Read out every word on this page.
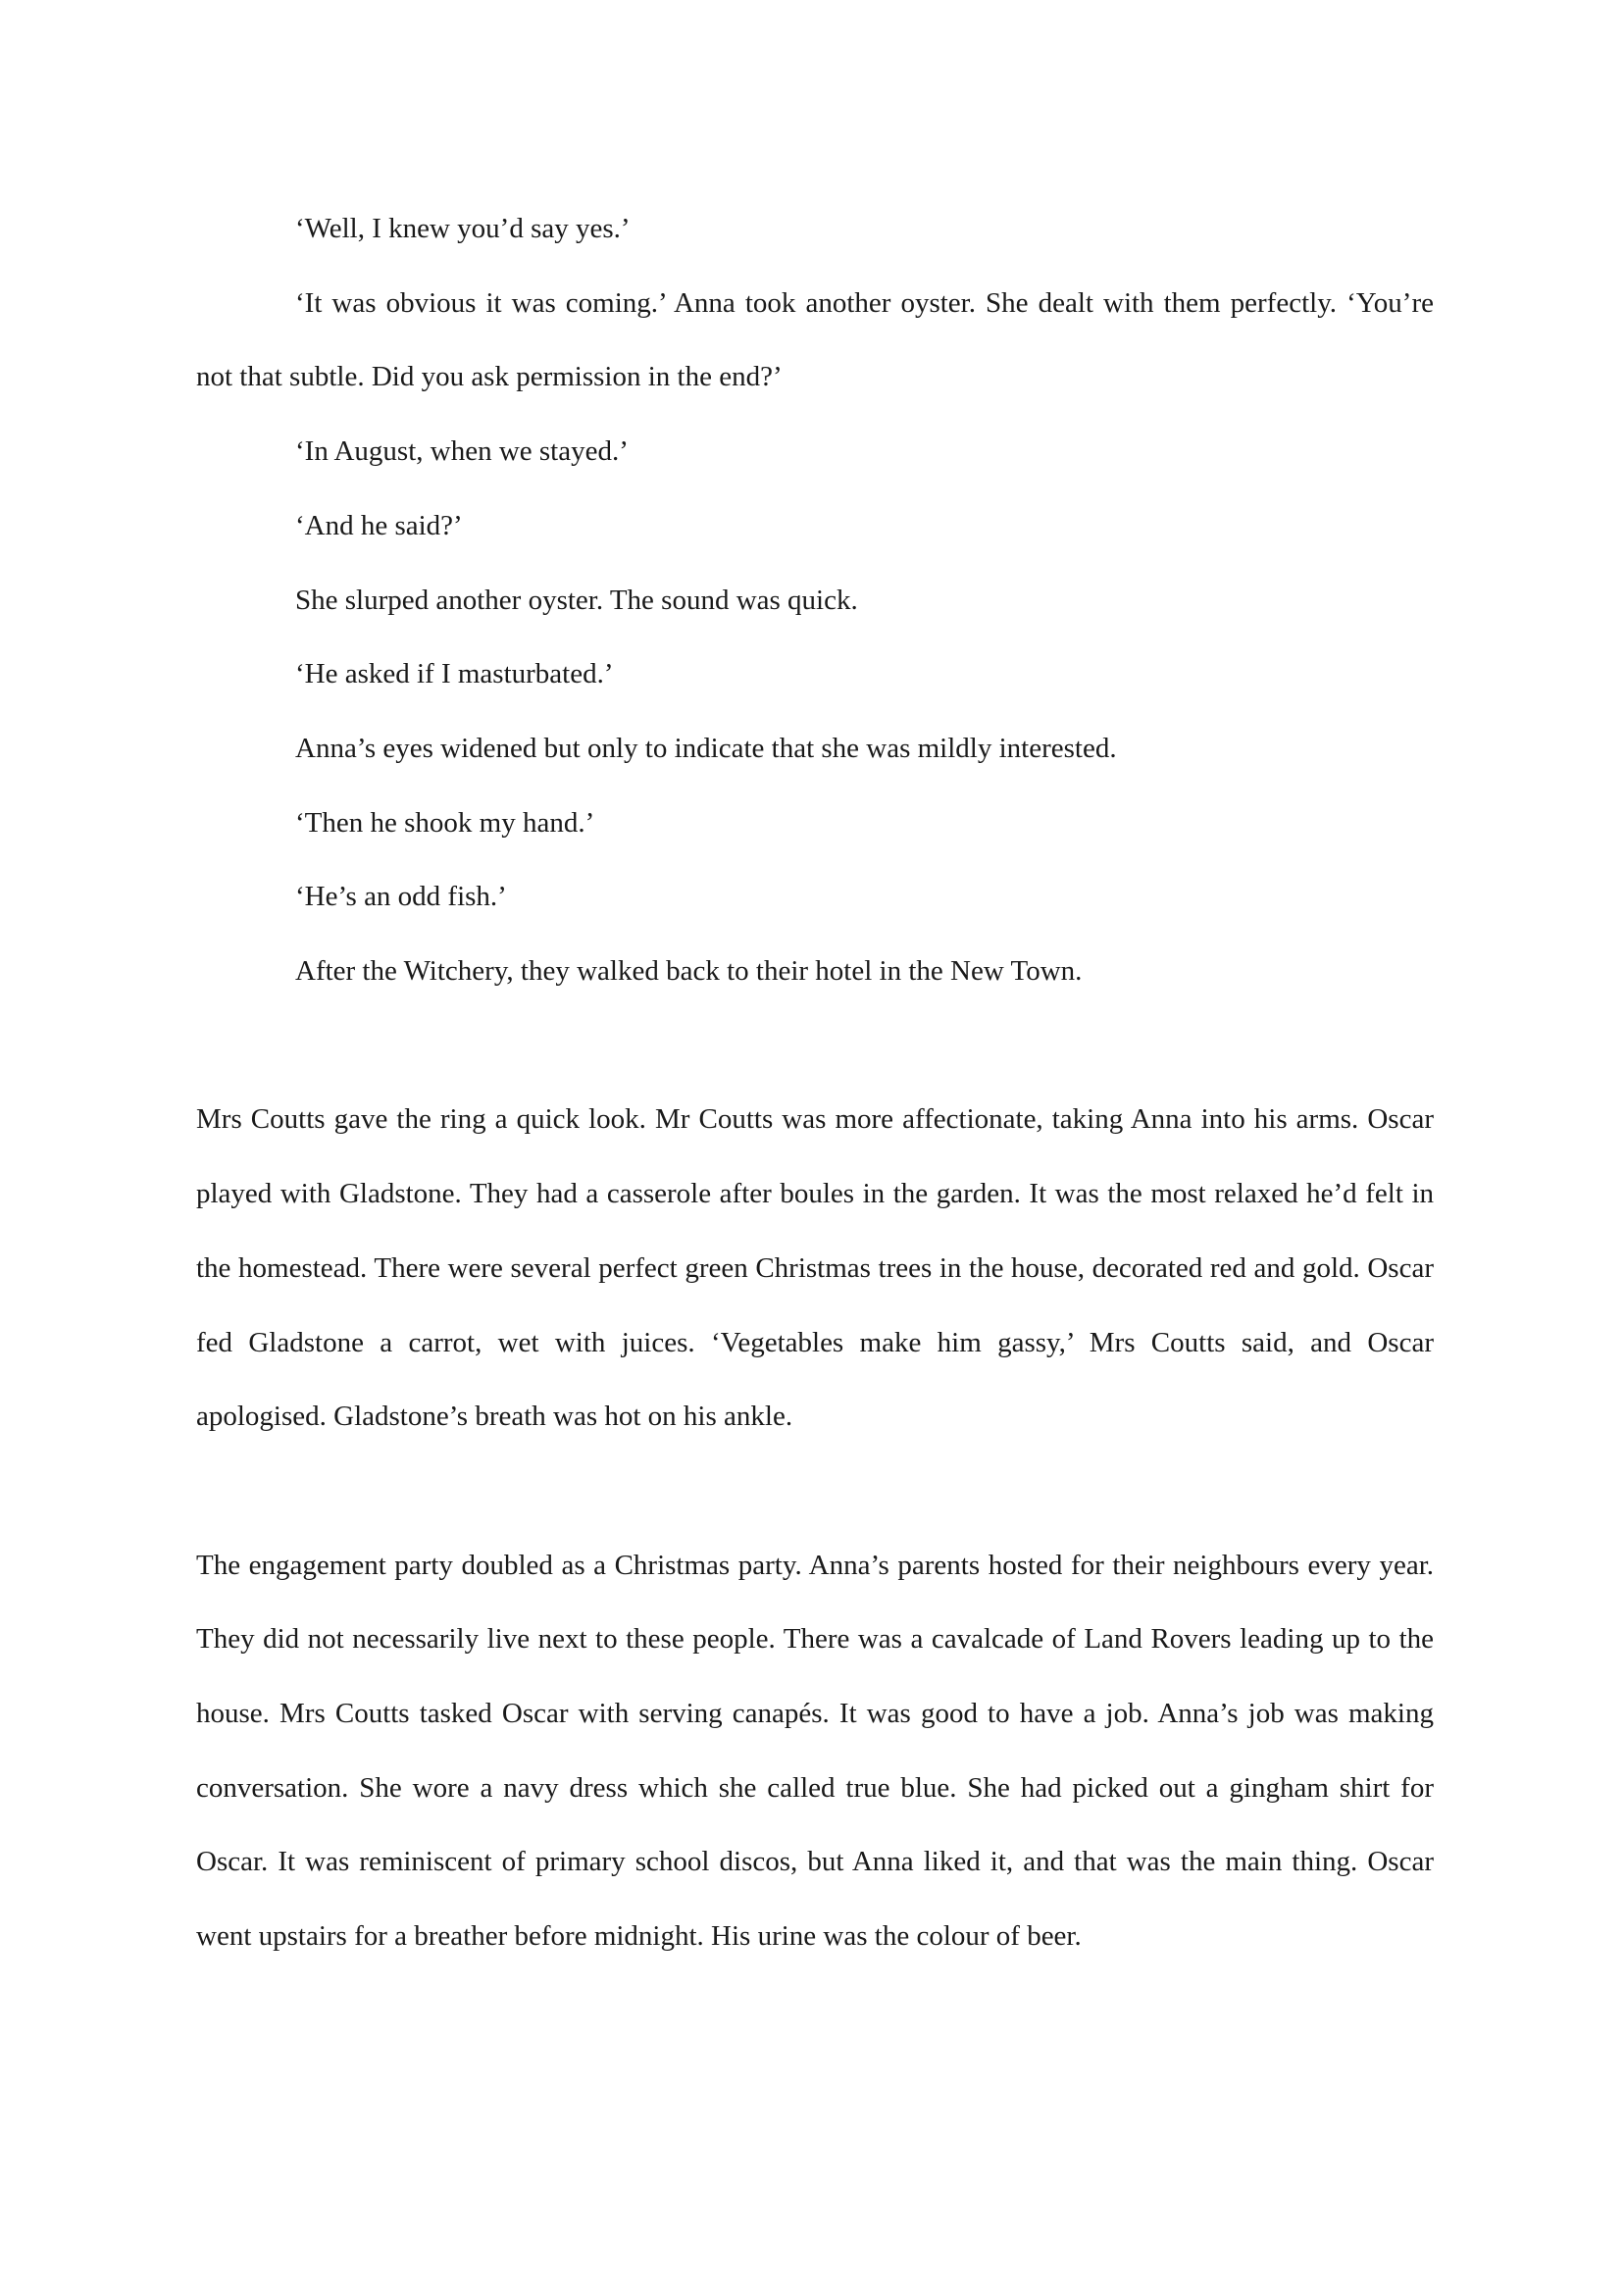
‘Well, I knew you’d say yes.’

‘It was obvious it was coming.’ Anna took another oyster. She dealt with them perfectly. ‘You’re not that subtle. Did you ask permission in the end?’

‘In August, when we stayed.’

‘And he said?’

She slurped another oyster. The sound was quick.

‘He asked if I masturbated.’

Anna’s eyes widened but only to indicate that she was mildly interested.

‘Then he shook my hand.’

‘He’s an odd fish.’

After the Witchery, they walked back to their hotel in the New Town.

Mrs Coutts gave the ring a quick look. Mr Coutts was more affectionate, taking Anna into his arms. Oscar played with Gladstone. They had a casserole after boules in the garden. It was the most relaxed he’d felt in the homestead. There were several perfect green Christmas trees in the house, decorated red and gold. Oscar fed Gladstone a carrot, wet with juices. ‘Vegetables make him gassy,’ Mrs Coutts said, and Oscar apologised. Gladstone’s breath was hot on his ankle.

The engagement party doubled as a Christmas party. Anna’s parents hosted for their neighbours every year. They did not necessarily live next to these people. There was a cavalcade of Land Rovers leading up to the house. Mrs Coutts tasked Oscar with serving canapés. It was good to have a job. Anna’s job was making conversation. She wore a navy dress which she called true blue. She had picked out a gingham shirt for Oscar. It was reminiscent of primary school discos, but Anna liked it, and that was the main thing. Oscar went upstairs for a breather before midnight. His urine was the colour of beer.
